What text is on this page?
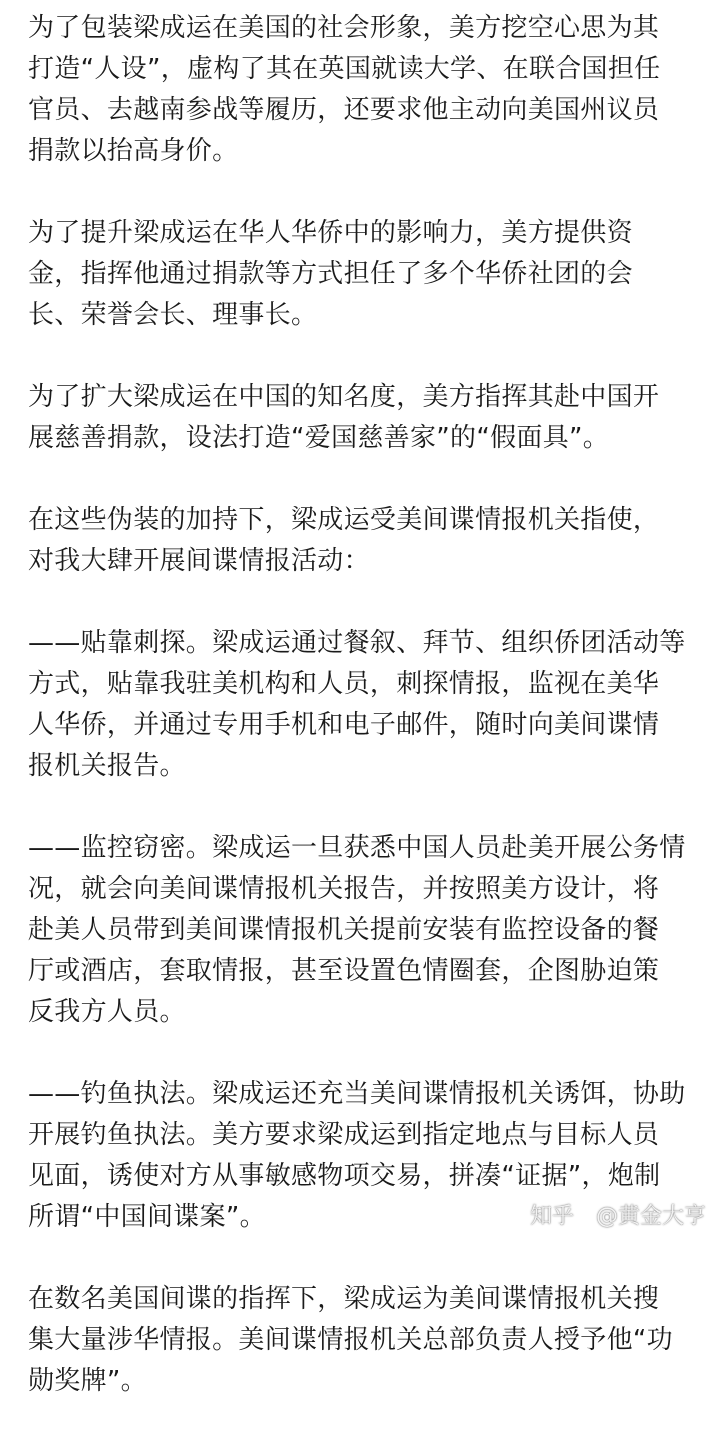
为了包装梁成运在美国的社会形象，美方挖空心思为其
打造“人设”，虚构了其在英国就读大学、在联合国担任
官员、去越南参战等履历，还要求他主动向美国州议员
捐款以抬高身价。

为了提升梁成运在华人华侨中的影响力，美方提供资
金，指挥他通过捐款等方式担任了多个华侨社团的会
长、荣誉会长、理事长。

为了扩大梁成运在中国的知名度，美方指挥其赴中国开
展慈善捐款，设法打造“爱国慈善家”的“假面具”。

在这些伪装的加持下，梁成运受美间谍情报机关指使，
对我大肆开展间谍情报活动：

——贴靠刺探。梁成运通过餐叙、拜节、组织侨团活动等
方式，贴靠我驻美机构和人员，刺探情报，监视在美华
人华侨，并通过专用手机和电子邮件，随时向美间谍情
报机关报告。

——监控窃密。梁成运一旦获悉中国人员赴美开展公务情
况，就会向美间谍情报机关报告，并按照美方设计，将
赴美人员带到美间谍情报机关提前安装有监控设备的餐
厅或酒店，套取情报，甚至设置色情圈套，企图胁迫策
反我方人员。

——钓鱼执法。梁成运还充当美间谍情报机关诱饵，协助
开展钓鱼执法。美方要求梁成运到指定地点与目标人员
见面，诱使对方从事敏感物项交易，拼凑“证据”，炮制
所谓“中国间谍案”。

在数名美国间谍的指挥下，梁成运为美间谍情报机关搜
集大量涉华情报。美间谍情报机关总部负责人授予他“功
勋奖牌”。

知乎 @黄金大亨
